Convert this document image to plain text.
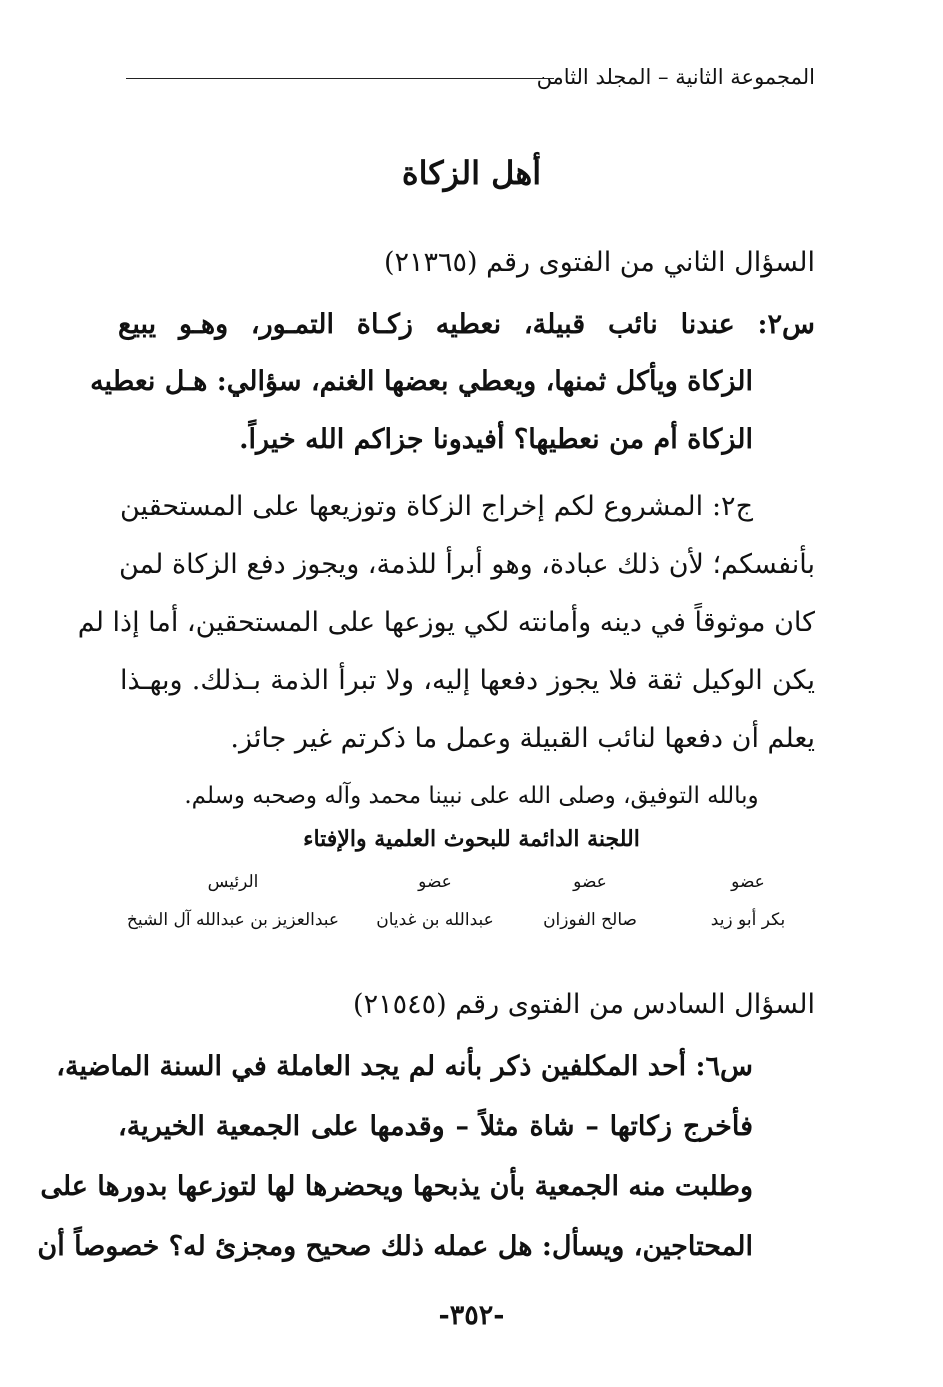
المجموعة الثانية – المجلد الثامن
أهل الزكاة
السؤال الثاني من الفتوى رقم (٢١٣٦٥)
س٢: عندنا نائب قبيلة، نعطيه زكـاة التمـور، وهـو يبيع
الزكاة ويأكل ثمنها، ويعطي بعضها الغنم، سؤالي: هـل نعطيه
الزكاة أم من نعطيها؟ أفيدونا جزاكم الله خيراً.
ج٢: المشروع لكم إخراج الزكاة وتوزيعها على المستحقين
بأنفسكم؛ لأن ذلك عبادة، وهو أبرأ للذمة، ويجوز دفع الزكاة لمن
كان موثوقاً في دينه وأمانته لكي يوزعها على المستحقين، أما إذا لم
يكن الوكيل ثقة فلا يجوز دفعها إليه، ولا تبرأ الذمة بـذلك. وبهـذا
يعلم أن دفعها لنائب القبيلة وعمل ما ذكرتم غير جائز.
وبالله التوفيق، وصلى الله على نبينا محمد وآله وصحبه وسلم.
اللجنة الدائمة للبحوث العلمية والإفتاء
عضو
بكر أبو زيد
عضو
صالح الفوزان
عضو
عبدالله بن غديان
الرئيس
عبدالعزيز بن عبدالله آل الشيخ
السؤال السادس من الفتوى رقم (٢١٥٤٥)
س٦: أحد المكلفين ذكر بأنه لم يجد العاملة في السنة الماضية،
فأخرج زكاتها – شاة مثلاً – وقدمها على الجمعية الخيرية،
وطلبت منه الجمعية بأن يذبحها ويحضرها لها لتوزعها بدورها على
المحتاجين، ويسأل: هل عمله ذلك صحيح ومجزئ له؟ خصوصاً أن
-٣٥٢-
